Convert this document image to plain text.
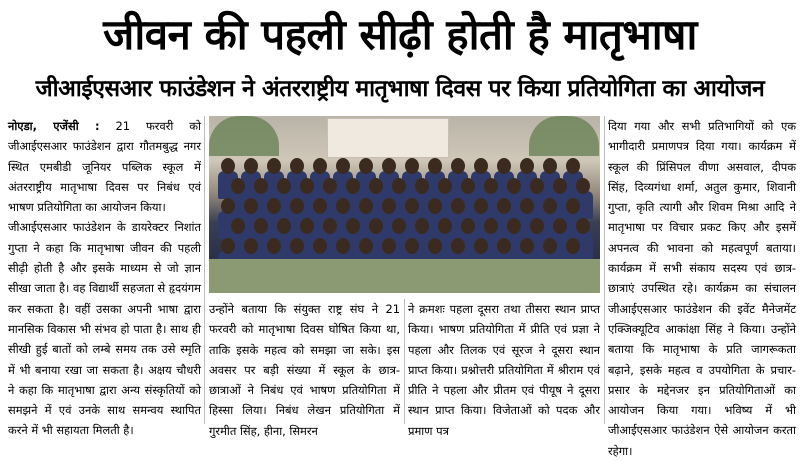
जीवन की पहली सीढ़ी होती है मातृभाषा
जीआईएसआर फाउंडेशन ने अंतरराष्ट्रीय मातृभाषा दिवस पर किया प्रतियोगिता का आयोजन

नोएडा, एजेंसी : 21 फरवरी को जीआईएसआर फाउंडेशन द्वारा गौतमबुद्ध नगर स्थित एमबीडी जूनियर पब्लिक स्कूल में अंतरराष्ट्रीय मातृभाषा दिवस पर निबंध एवं भाषण प्रतियोगिता का आयोजन किया।

जीआईएसआर फाउंडेशन के डायरेक्टर निशांत गुप्ता ने कहा कि मातृभाषा जीवन की पहली सीढ़ी होती है और इसके माध्यम से जो ज्ञान सीखा जाता है। वह विद्यार्थी सहजता से हृदयंगम कर सकता है। वहीं उसका अपनी भाषा द्वारा मानसिक विकास भी संभव हो पाता है। साथ ही सीखी हुई बातों को लम्बे समय तक उसे स्मृति में भी बनाया रखा जा सकता है। अक्षय चौधरी ने कहा कि मातृभाषा द्वारा अन्य संस्कृतियों को समझने में एवं उनके साथ समन्वय स्थापित करने में भी सहायता मिलती है।

उन्होंने बताया कि संयुक्त राष्ट्र संघ ने 21 फरवरी को मातृभाषा दिवस घोषित किया था, ताकि इसके महत्व को समझा जा सके। इस अवसर पर बड़ी संख्या में स्कूल के छात्र-छात्राओं ने निबंध एवं भाषण प्रतियोगिता में हिस्सा लिया। निबंध लेखन प्रतियोगिता में गुरमीत सिंह, हीना, सिमरन

ने क्रमशः पहला दूसरा तथा तीसरा स्थान प्राप्त किया। भाषण प्रतियोगिता में प्रीति एवं प्रज्ञा ने पहला और तिलक एवं सूरज ने दूसरा स्थान प्राप्त किया। प्रश्नोत्तरी प्रतियोगिता में श्रीराम एवं प्रीति ने पहला और प्रीतम एवं पीयूष ने दूसरा स्थान प्राप्त किया। विजेताओं को पदक और प्रमाण पत्र

दिया गया और सभी प्रतिभागियों को एक भागीदारी प्रमाणपत्र दिया गया। कार्यक्रम में स्कूल की प्रिंसिपल वीणा असवाल, दीपक सिंह, दिव्यगंधा शर्मा, अतुल कुमार, शिवानी गुप्ता, कृति त्यागी और शिवम मिश्रा आदि ने मातृभाषा पर विचार प्रकट किए और इसमें अपनत्व की भावना को महत्वपूर्ण बताया। कार्यक्रम में सभी संकाय सदस्य एवं छात्र-छात्राएं उपस्थित रहे। कार्यक्रम का संचालन जीआईएसआर फाउंडेशन की इवेंट मैनेजमेंट एक्जिक्यूटिव आकांक्षा सिंह ने किया। उन्होंने बताया कि मातृभाषा के प्रति जागरूकता बढ़ाने, इसके महत्व व उपयोगिता के प्रचार-प्रसार के मद्देनजर इन प्रतियोगिताओं का आयोजन किया गया। भविष्य में भी जीआईएसआर फाउंडेशन ऐसे आयोजन करता रहेगा।
